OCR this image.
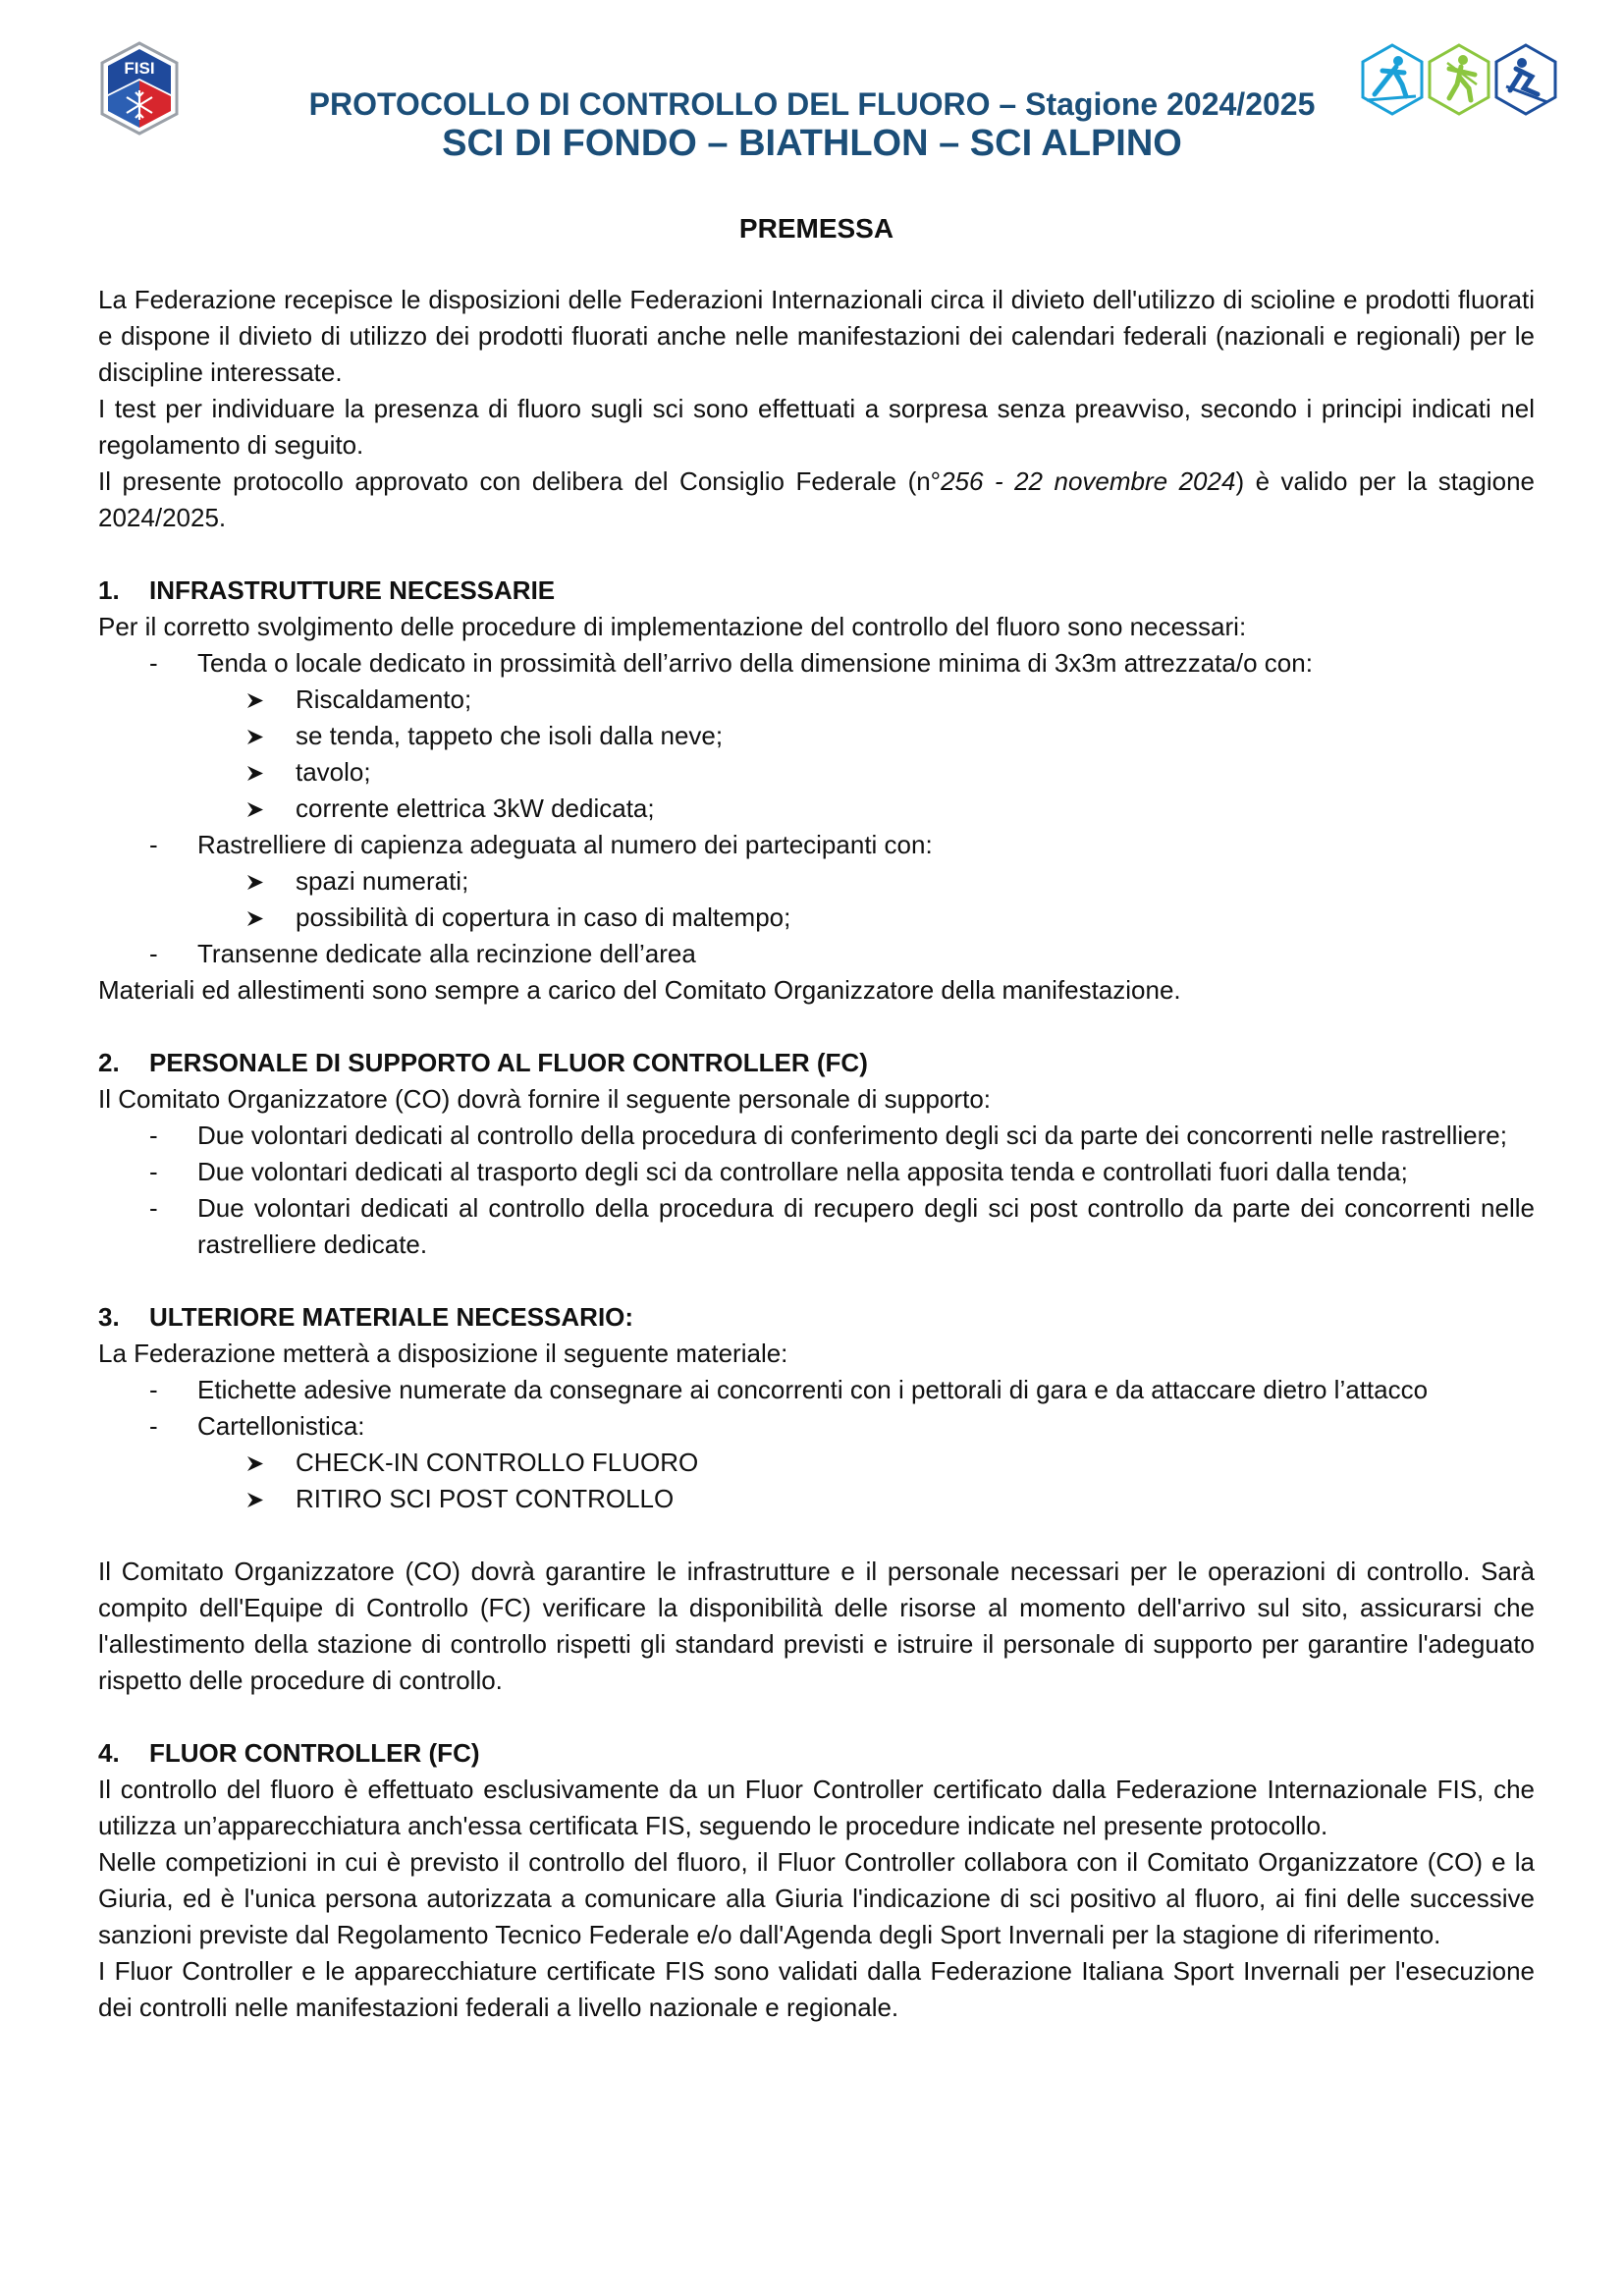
FISI
PROTOCOLLO DI CONTROLLO DEL FLUORO – Stagione 2024/2025
SCI DI FONDO – BIATHLON – SCI ALPINO
PREMESSA

La Federazione recepisce le disposizioni delle Federazioni Internazionali circa il divieto dell'utilizzo di scioline e prodotti fluorati e dispone il divieto di utilizzo dei prodotti fluorati anche nelle manifestazioni dei calendari federali (nazionali e regionali) per le discipline interessate.

I test per individuare la presenza di fluoro sugli sci sono effettuati a sorpresa senza preavviso, secondo i principi indicati nel regolamento di seguito.

Il presente protocollo approvato con delibera del Consiglio Federale (n°256 - 22 novembre 2024) è valido per la stagione 2024/2025.

1.	INFRASTRUTTURE NECESSARIE

Per il corretto svolgimento delle procedure di implementazione del controllo del fluoro sono necessari:

- Tenda o locale dedicato in prossimità dell’arrivo della dimensione minima di 3x3m attrezzata/o con:
Riscaldamento;
se tenda, tappeto che isoli dalla neve;
tavolo;
corrente elettrica 3kW dedicata;
- Rastrelliere di capienza adeguata al numero dei partecipanti con:
spazi numerati;
possibilità di copertura in caso di maltempo;
- Transenne dedicate alla recinzione dell’area

Materiali ed allestimenti sono sempre a carico del Comitato Organizzatore della manifestazione.

2.	PERSONALE DI SUPPORTO AL FLUOR CONTROLLER (FC)

Il Comitato Organizzatore (CO) dovrà fornire il seguente personale di supporto:

- Due volontari dedicati al controllo della procedura di conferimento degli sci da parte dei concorrenti nelle rastrelliere;
- Due volontari dedicati al trasporto degli sci da controllare nella apposita tenda e controllati fuori dalla tenda;
- Due volontari dedicati al controllo della procedura di recupero degli sci post controllo da parte dei concorrenti nelle rastrelliere dedicate.
3.	ULTERIORE MATERIALE NECESSARIO:

La Federazione metterà a disposizione il seguente materiale:

- Etichette adesive numerate da consegnare ai concorrenti con i pettorali di gara e da attaccare dietro l’attacco
- Cartellonistica:
CHECK-IN CONTROLLO FLUORO
RITIRO SCI POST CONTROLLO

Il Comitato Organizzatore (CO) dovrà garantire le infrastrutture e il personale necessari per le operazioni di controllo. Sarà compito dell'Equipe di Controllo (FC) verificare la disponibilità delle risorse al momento dell'arrivo sul sito, assicurarsi che l'allestimento della stazione di controllo rispetti gli standard previsti e istruire il personale di supporto per garantire l'adeguato rispetto delle procedure di controllo.

4.	FLUOR CONTROLLER (FC)

Il controllo del fluoro è effettuato esclusivamente da un Fluor Controller certificato dalla Federazione Internazionale FIS, che utilizza un’apparecchiatura anch'essa certificata FIS, seguendo le procedure indicate nel presente protocollo.

Nelle competizioni in cui è previsto il controllo del fluoro, il Fluor Controller collabora con il Comitato Organizzatore (CO) e la Giuria, ed è l'unica persona autorizzata a comunicare alla Giuria l'indicazione di sci positivo al fluoro, ai fini delle successive sanzioni previste dal Regolamento Tecnico Federale e/o dall'Agenda degli Sport Invernali per la stagione di riferimento.

I Fluor Controller e le apparecchiature certificate FIS sono validati dalla Federazione Italiana Sport Invernali per l'esecuzione dei controlli nelle manifestazioni federali a livello nazionale e regionale.
